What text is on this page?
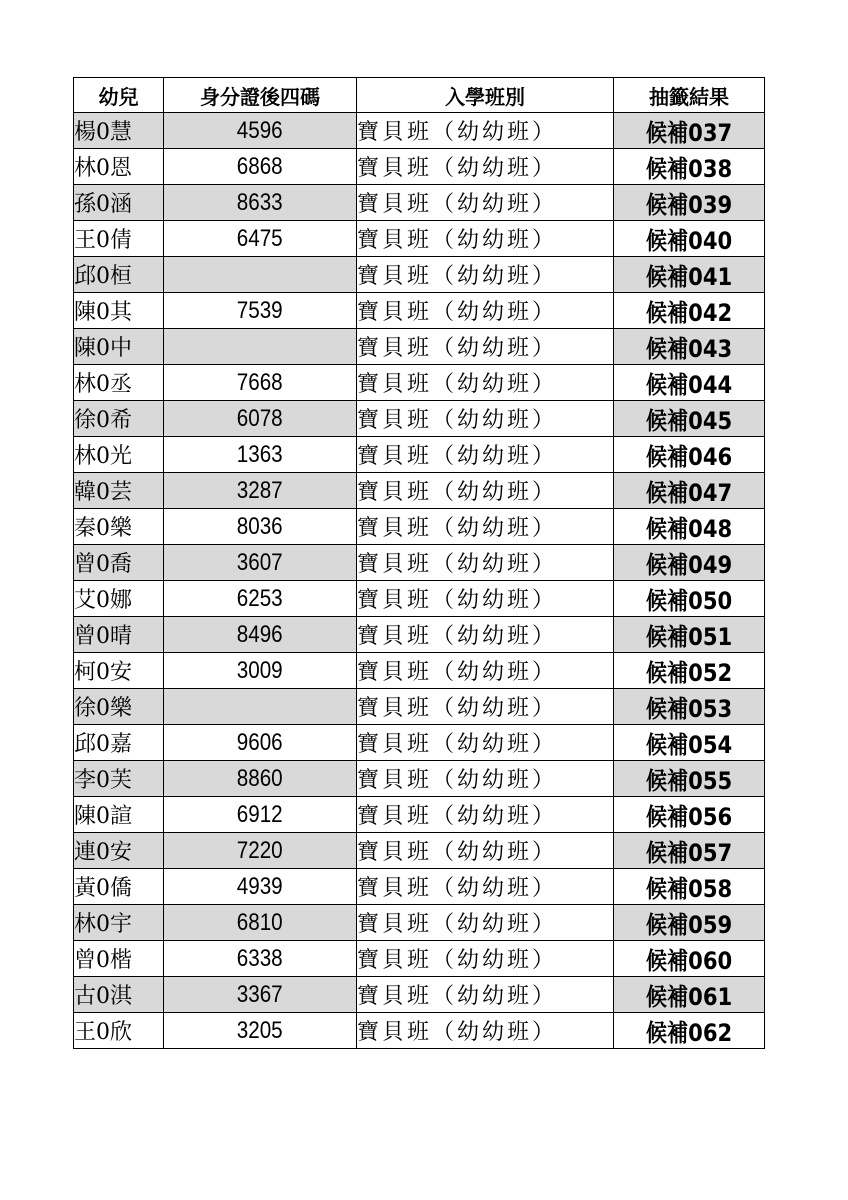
幼兒	身分證後四碼	入學班別	抽籤結果
楊0慧	4596	寶貝班（幼幼班）	候補037
林0恩	6868	寶貝班（幼幼班）	候補038
孫0涵	8633	寶貝班（幼幼班）	候補039
王0倩	6475	寶貝班（幼幼班）	候補040
邱0桓		寶貝班（幼幼班）	候補041
陳0其	7539	寶貝班（幼幼班）	候補042
陳0中		寶貝班（幼幼班）	候補043
林0丞	7668	寶貝班（幼幼班）	候補044
徐0希	6078	寶貝班（幼幼班）	候補045
林0光	1363	寶貝班（幼幼班）	候補046
韓0芸	3287	寶貝班（幼幼班）	候補047
秦0樂	8036	寶貝班（幼幼班）	候補048
曾0喬	3607	寶貝班（幼幼班）	候補049
艾0娜	6253	寶貝班（幼幼班）	候補050
曾0晴	8496	寶貝班（幼幼班）	候補051
柯0安	3009	寶貝班（幼幼班）	候補052
徐0樂		寶貝班（幼幼班）	候補053
邱0嘉	9606	寶貝班（幼幼班）	候補054
李0芙	8860	寶貝班（幼幼班）	候補055
陳0諠	6912	寶貝班（幼幼班）	候補056
連0安	7220	寶貝班（幼幼班）	候補057
黃0僑	4939	寶貝班（幼幼班）	候補058
林0宇	6810	寶貝班（幼幼班）	候補059
曾0楷	6338	寶貝班（幼幼班）	候補060
古0淇	3367	寶貝班（幼幼班）	候補061
王0欣	3205	寶貝班（幼幼班）	候補062
